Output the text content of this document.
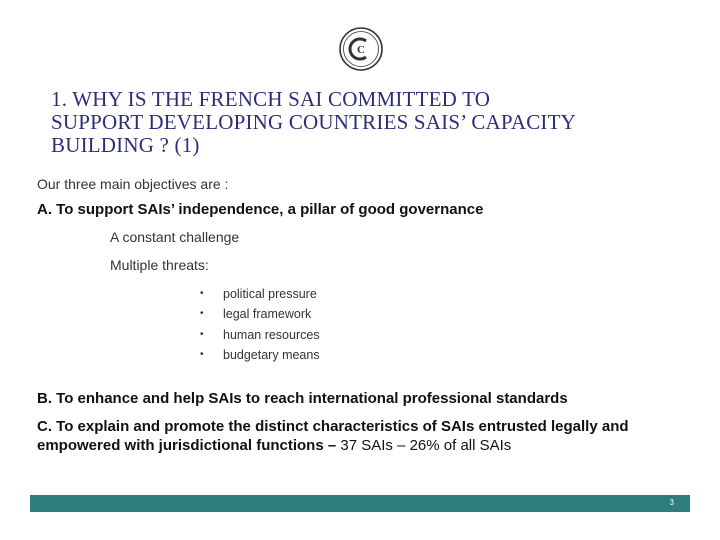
C
1. WHY IS THE FRENCH SAI COMMITTED TO
SUPPORT DEVELOPING COUNTRIES SAIS’ CAPACITY
BUILDING ? (1)
Our three main objectives are :
A. To support SAIs’ independence, a pillar of good governance
A constant challenge
Multiple threats:
• political pressure
• legal framework
• human resources
• budgetary means
B. To enhance and help SAIs to reach international professional standards
C. To explain and promote the distinct characteristics of SAIs entrusted legally and
empowered with jurisdictional functions – 37 SAIs – 26% of all SAIs
3
